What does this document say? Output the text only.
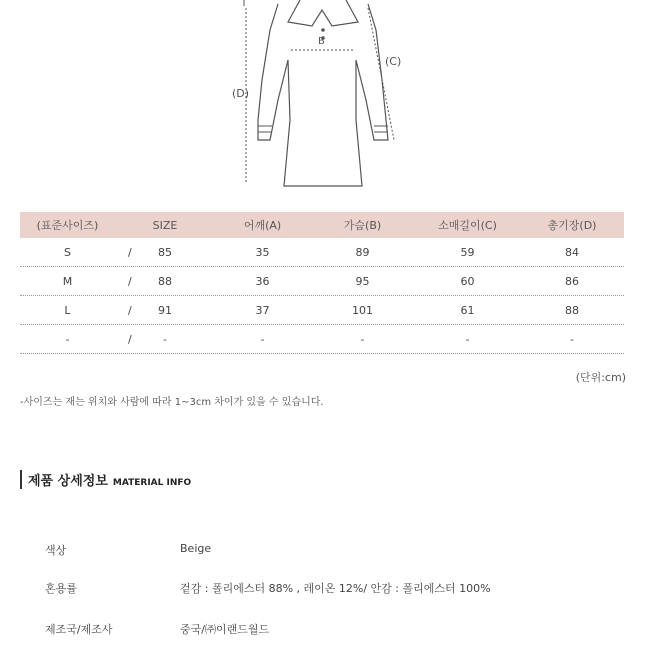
B
(C)
(D)
(표준사이즈)	SIZE	어깨(A)	가슴(B)	소매길이(C)	총기장(D)
S	/	85	35	89	59	84
M	/	88	36	95	60	86
L	/	91	37	101	61	88
-	/	-	-	-	-	-
(단위:cm)
-사이즈는 재는 위치와 사람에 따라 1~3cm 차이가 있을 수 있습니다.
제품 상세정보 MATERIAL INFO
색상	Beige
혼용률	겉감 : 폴리에스터 88% , 레이온 12%/ 안감 : 폴리에스터 100%
제조국/제조사	중국/㈜이랜드월드
